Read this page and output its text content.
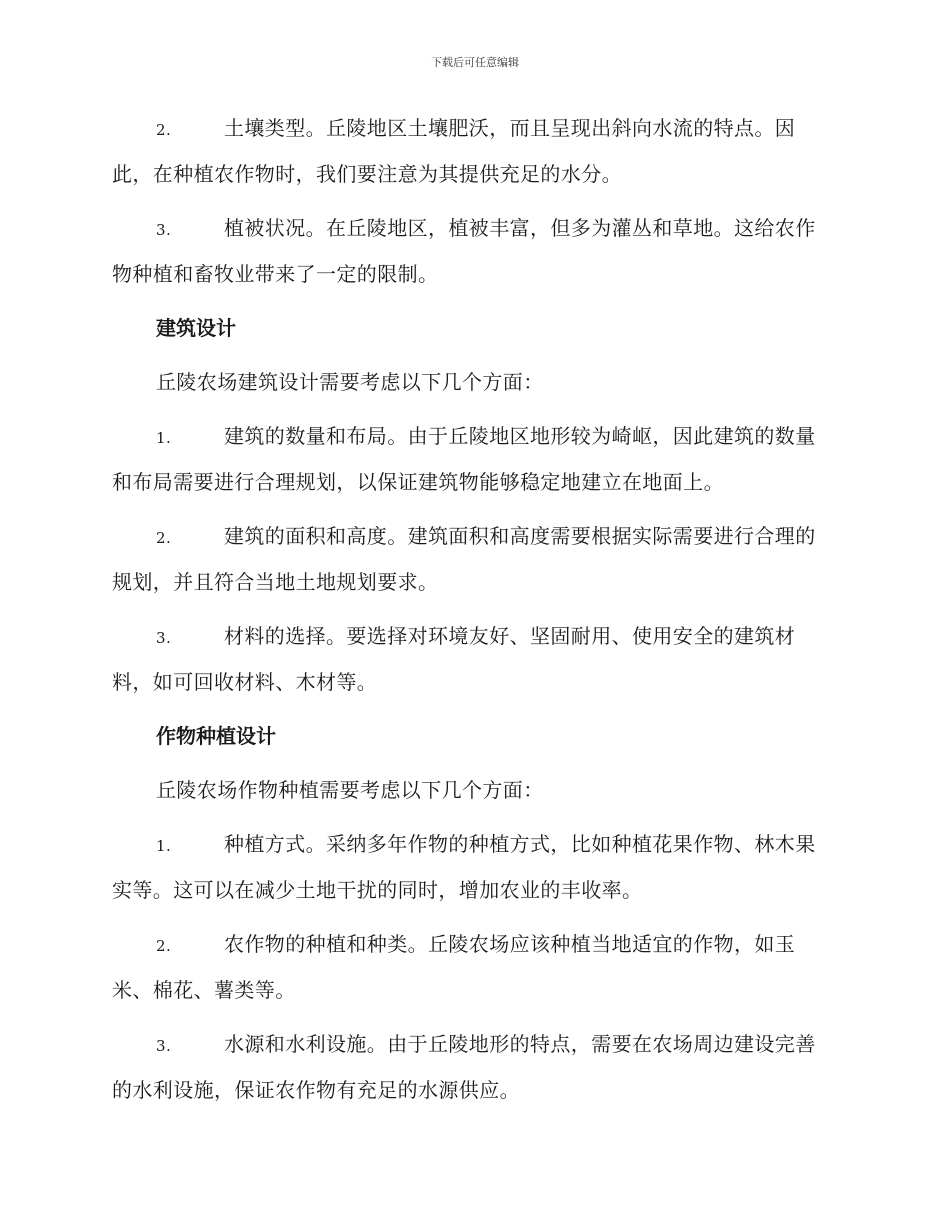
下载后可任意编辑

2.	土壤类型。丘陵地区土壤肥沃，而且呈现出斜向水流的特点。因此，在种植农作物时，我们要注意为其提供充足的水分。

3.	植被状况。在丘陵地区，植被丰富，但多为灌丛和草地。这给农作物种植和畜牧业带来了一定的限制。

建筑设计

丘陵农场建筑设计需要考虑以下几个方面：

1.	建筑的数量和布局。由于丘陵地区地形较为崎岖，因此建筑的数量和布局需要进行合理规划，以保证建筑物能够稳定地建立在地面上。

2.	建筑的面积和高度。建筑面积和高度需要根据实际需要进行合理的规划，并且符合当地土地规划要求。

3.	材料的选择。要选择对环境友好、坚固耐用、使用安全的建筑材料，如可回收材料、木材等。

作物种植设计

丘陵农场作物种植需要考虑以下几个方面：

1.	种植方式。采纳多年作物的种植方式，比如种植花果作物、林木果实等。这可以在减少土地干扰的同时，增加农业的丰收率。

2.	农作物的种植和种类。丘陵农场应该种植当地适宜的作物，如玉米、棉花、薯类等。

3.	水源和水利设施。由于丘陵地形的特点，需要在农场周边建设完善的水利设施，保证农作物有充足的水源供应。
